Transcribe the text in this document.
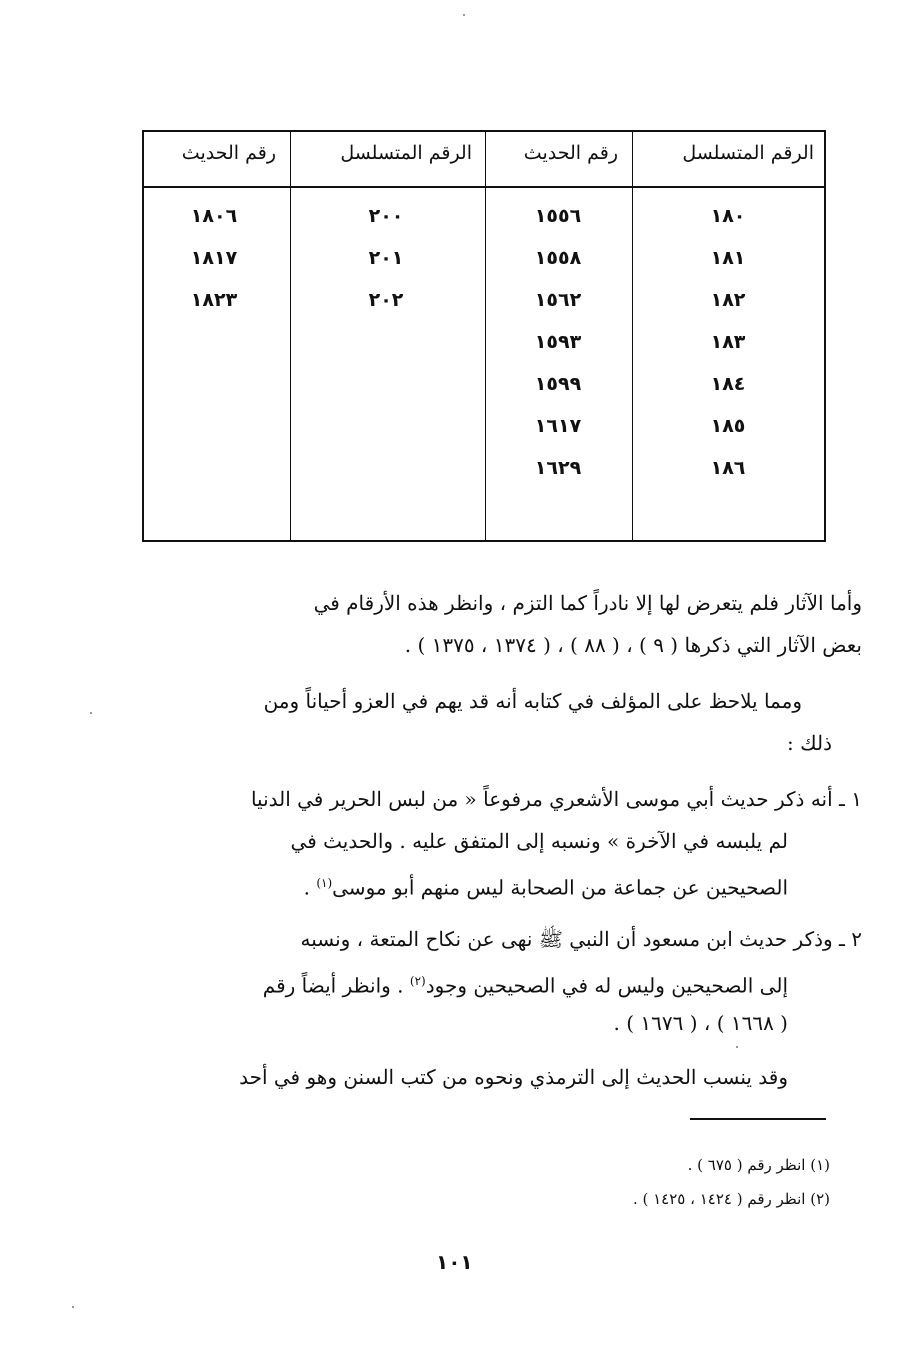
الرقم المتسلسل
رقم الحديث
الرقم المتسلسل
رقم الحديث
١٨٠
١٨١
١٨٢
١٨٣
١٨٤
١٨٥
١٨٦
١٥٥٦
١٥٥٨
١٥٦٢
١٥٩٣
١٥٩٩
١٦١٧
١٦٢٩
٢٠٠
٢٠١
٢٠٢
١٨٠٦
١٨١٧
١٨٢٣
وأما الآثار فلم يتعرض لها إلا نادراً كما التزم ، وانظر هذه الأرقام في
بعض الآثار التي ذكرها ( ٩ ) ، ( ٨٨ ) ، ( ١٣٧٤ ، ١٣٧٥ ) .
ومما يلاحظ على المؤلف في كتابه أنه قد يهم في العزو أحياناً ومن
ذلك :
١ ـ أنه ذكر حديث أبي موسى الأشعري مرفوعاً « من لبس الحرير في الدنيا
لم يلبسه في الآخرة » ونسبه إلى المتفق عليه . والحديث في
الصحيحين عن جماعة من الصحابة ليس منهم أبو موسى$^{(١)}$ .
٢ ـ وذكر حديث ابن مسعود أن النبي ﷺ نهى عن نكاح المتعة ، ونسبه
إلى الصحيحين وليس له في الصحيحين وجود$^{(٢)}$ . وانظر أيضاً رقم
( ١٦٦٨ ) ، ( ١٦٧٦ ) .
وقد ينسب الحديث إلى الترمذي ونحوه من كتب السنن وهو في أحد
(١) انظر رقم ( ٦٧٥ ) .
(٢) انظر رقم ( ١٤٢٤ ، ١٤٢٥ ) .
١٠١
